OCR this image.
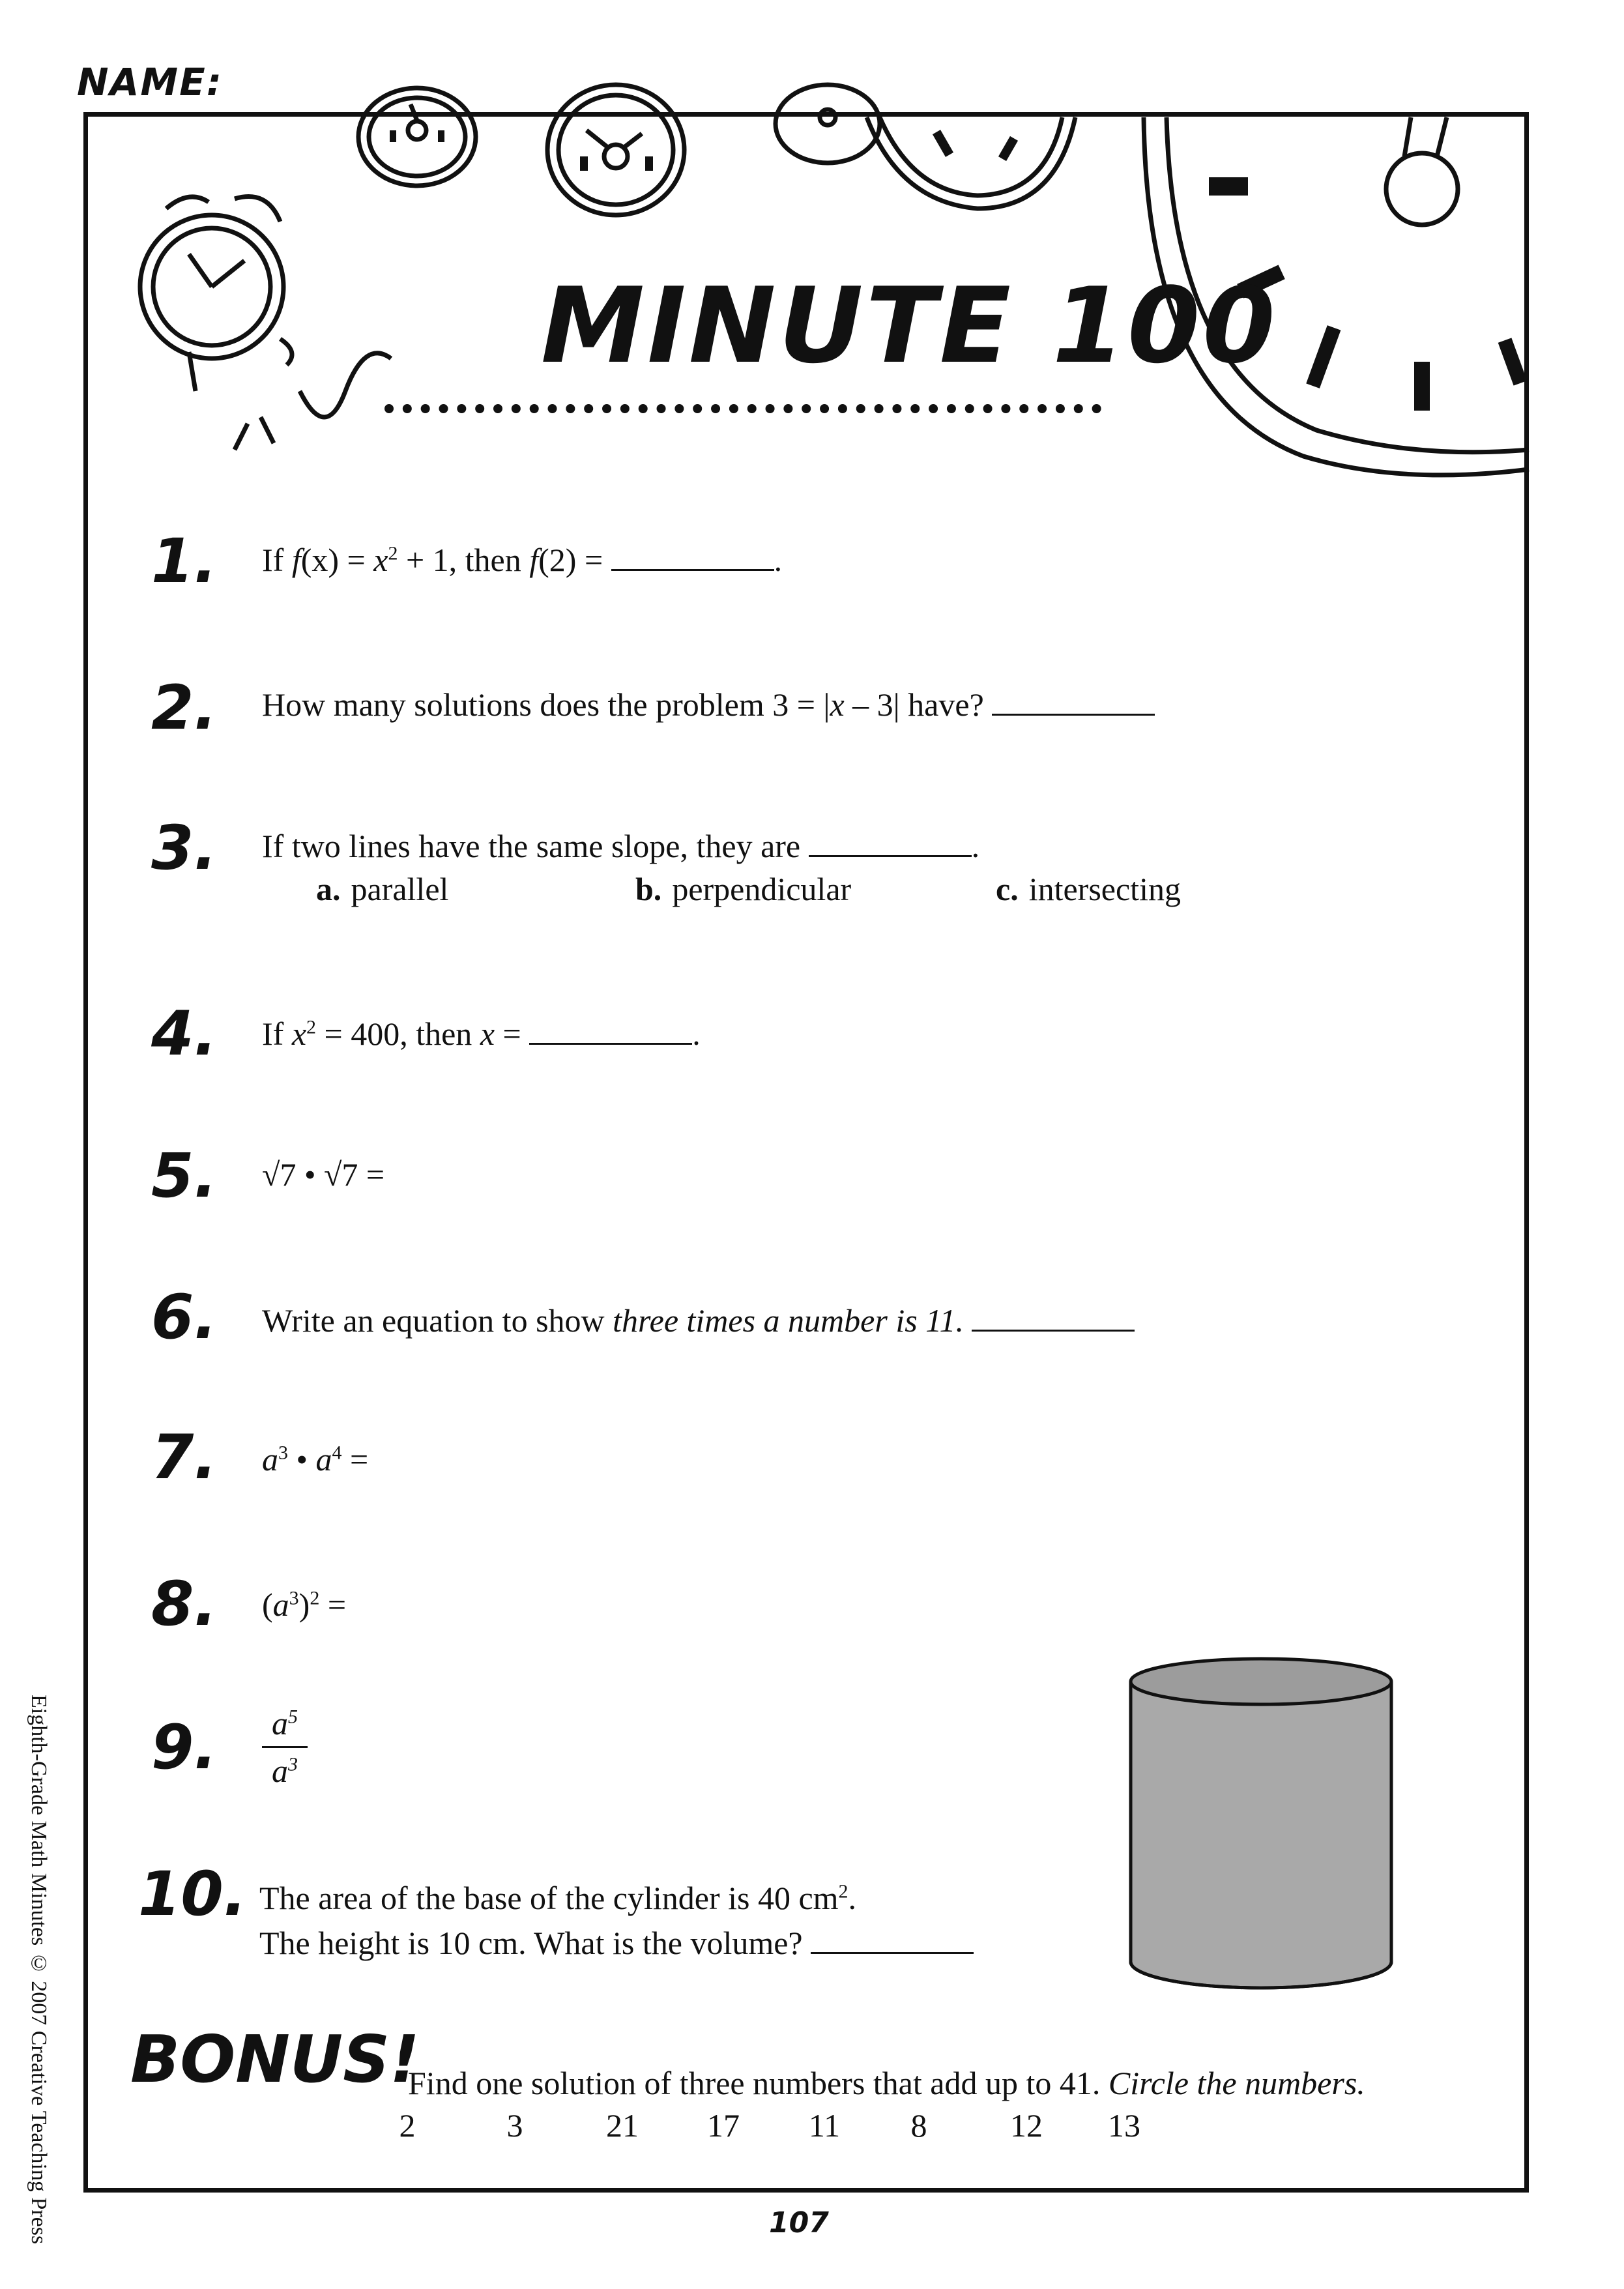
NAME:
MINUTE 100
1.	If $f(x) = x^2 + 1$, then f(2) =	.
2.	How many solutions does the problem 3 = |x – 3| have?
3.	If two lines have the same slope, they are	.
a. parallel	b. perpendicular	c. intersecting
4.	If $x^2 = 400$, then x =	.
5.	√7 • √7 =
6.	Write an equation to show three times a number is 11.
7.	$a^3$ • $a^4$ =
8.	$(a^3)^2$ =
9.	$a^5$
$a^3$
10. The area of the base of the cylinder is 40 $cm^2$.
The height is 10 cm. What is the volume?
BONUS!
Find one solution of three numbers that add up to 41. Circle the numbers.
2	3	21	17	11	8	12	13
107
Eighth-Grade Math Minutes © 2007 Creative Teaching Press
